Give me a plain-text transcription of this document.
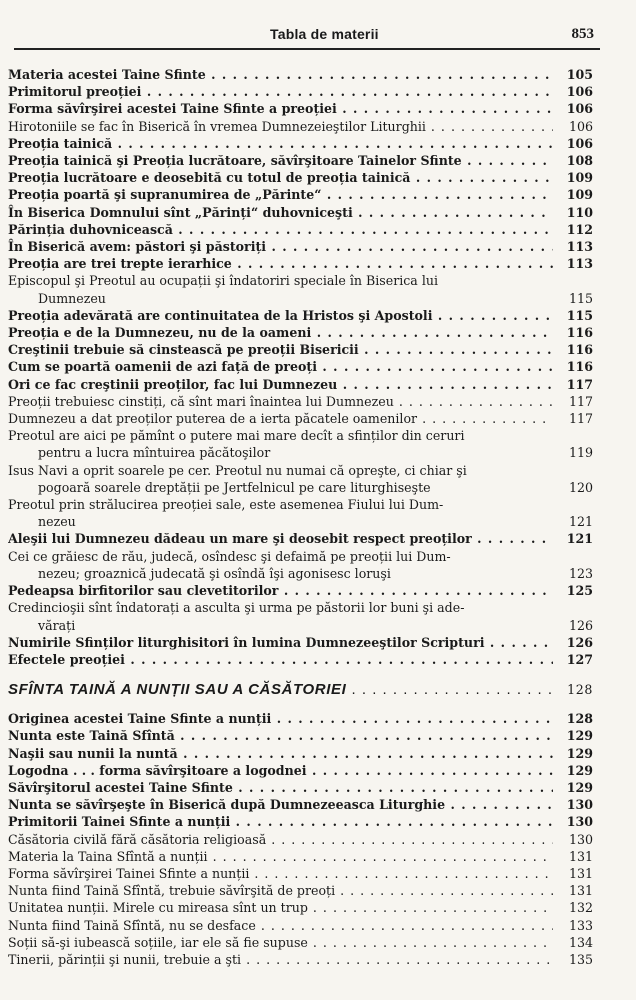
Tabla de materii	853
Materia acestei Taine Sfinte . . .	105
Primitorul preoției . . .	106
Forma săvîrşirei acestei Taine Sfinte a preoției . . .	106
Hirotoniile se fac în Biserică în vremea Dumnezeieştilor Liturghii . . .	106
Preoția tainică . . .	106
Preoția tainică şi Preoția lucrătoare, săvîrşitoare Tainelor Sfinte . . .	108
Preoția lucrătoare e deosebită cu totul de preoția tainică . . .	109
Preoția poartă şi supranumirea de „Părinte“ . . .	109
În Biserica Domnului sînt „Părinți“ duhovniceşti . . .	110
Părinția duhovnicească . . .	112
În Biserică avem: păstori şi păstoriți . . .	113
Preoția are trei trepte ierarhice . . .	113
Episcopul şi Preotul au ocupații şi îndatoriri speciale în Biserica lui
Dumnezeu	115
Preoția adevărată are continuitatea de la Hristos şi Apostoli . . .	115
Preoția e de la Dumnezeu, nu de la oameni . . .	116
Creştinii trebuie să cinstească pe preoții Bisericii . . .	116
Cum se poartă oamenii de azi față de preoți . . .	116
Ori ce fac creştinii preoților, fac lui Dumnezeu . . .	117
Preoții trebuiesc cinstiți, că sînt mari înaintea lui Dumnezeu . . .	117
Dumnezeu a dat preoților puterea de a ierta păcatele oamenilor . . .	117
Preotul are aici pe pămînt o putere mai mare decît a sfinților din ceruri
pentru a lucra mîntuirea păcătoşilor	119
Isus Navi a oprit soarele pe cer. Preotul nu numai că opreşte, ci chiar şi
pogoară soarele dreptății pe Jertfelnicul pe care liturghiseşte	120
Preotul prin strălucirea preoției sale, este asemenea Fiului lui Dum-
nezeu	121
Aleşii lui Dumnezeu dădeau un mare şi deosebit respect preoților . . .	121
Cei ce grăiesc de rău, judecă, osîndesc şi defaimă pe preoții lui Dum-
nezeu; groaznică judecată şi osîndă îşi agonisesc loruşi	123
Pedeapsa birfitorilor sau clevetitorilor . . .	125
Credincioşii sînt îndatorați a asculta şi urma pe păstorii lor buni şi ade-
vărați	126
Numirile Sfinților liturghisitori în lumina Dumnezeeştilor Scripturi . . .	126
Efectele preoției . . .	127
SFÎNTA TAINĂ A NUNȚII SAU A CĂSĂTORIEI . . .	128
Originea acestei Taine Sfinte a nunții . . .	128
Nunta este Taină Sfîntă . . .	129
Naşii sau nunii la nuntă . . .	129
Logodna . . . forma săvîrşitoare a logodnei . . .	129
Săvîrşitorul acestei Taine Sfinte . . .	129
Nunta se săvîrşeşte în Biserică după Dumnezeeasca Liturghie . . .	130
Primitorii Tainei Sfinte a nunții . . .	130
Căsătoria civilă fără căsătoria religioasă . . .	130
Materia la Taina Sfîntă a nunții . . .	131
Forma săvîrşirei Tainei Sfinte a nunții . . .	131
Nunta fiind Taină Sfîntă, trebuie săvîrşită de preoți . . .	131
Unitatea nunții. Mirele cu mireasa sînt un trup . . .	132
Nunta fiind Taină Sfîntă, nu se desface . . .	133
Soții să-şi iubească soțiile, iar ele să fie supuse . . .	134
Tinerii, părinții şi nunii, trebuie a şti . . .	135
